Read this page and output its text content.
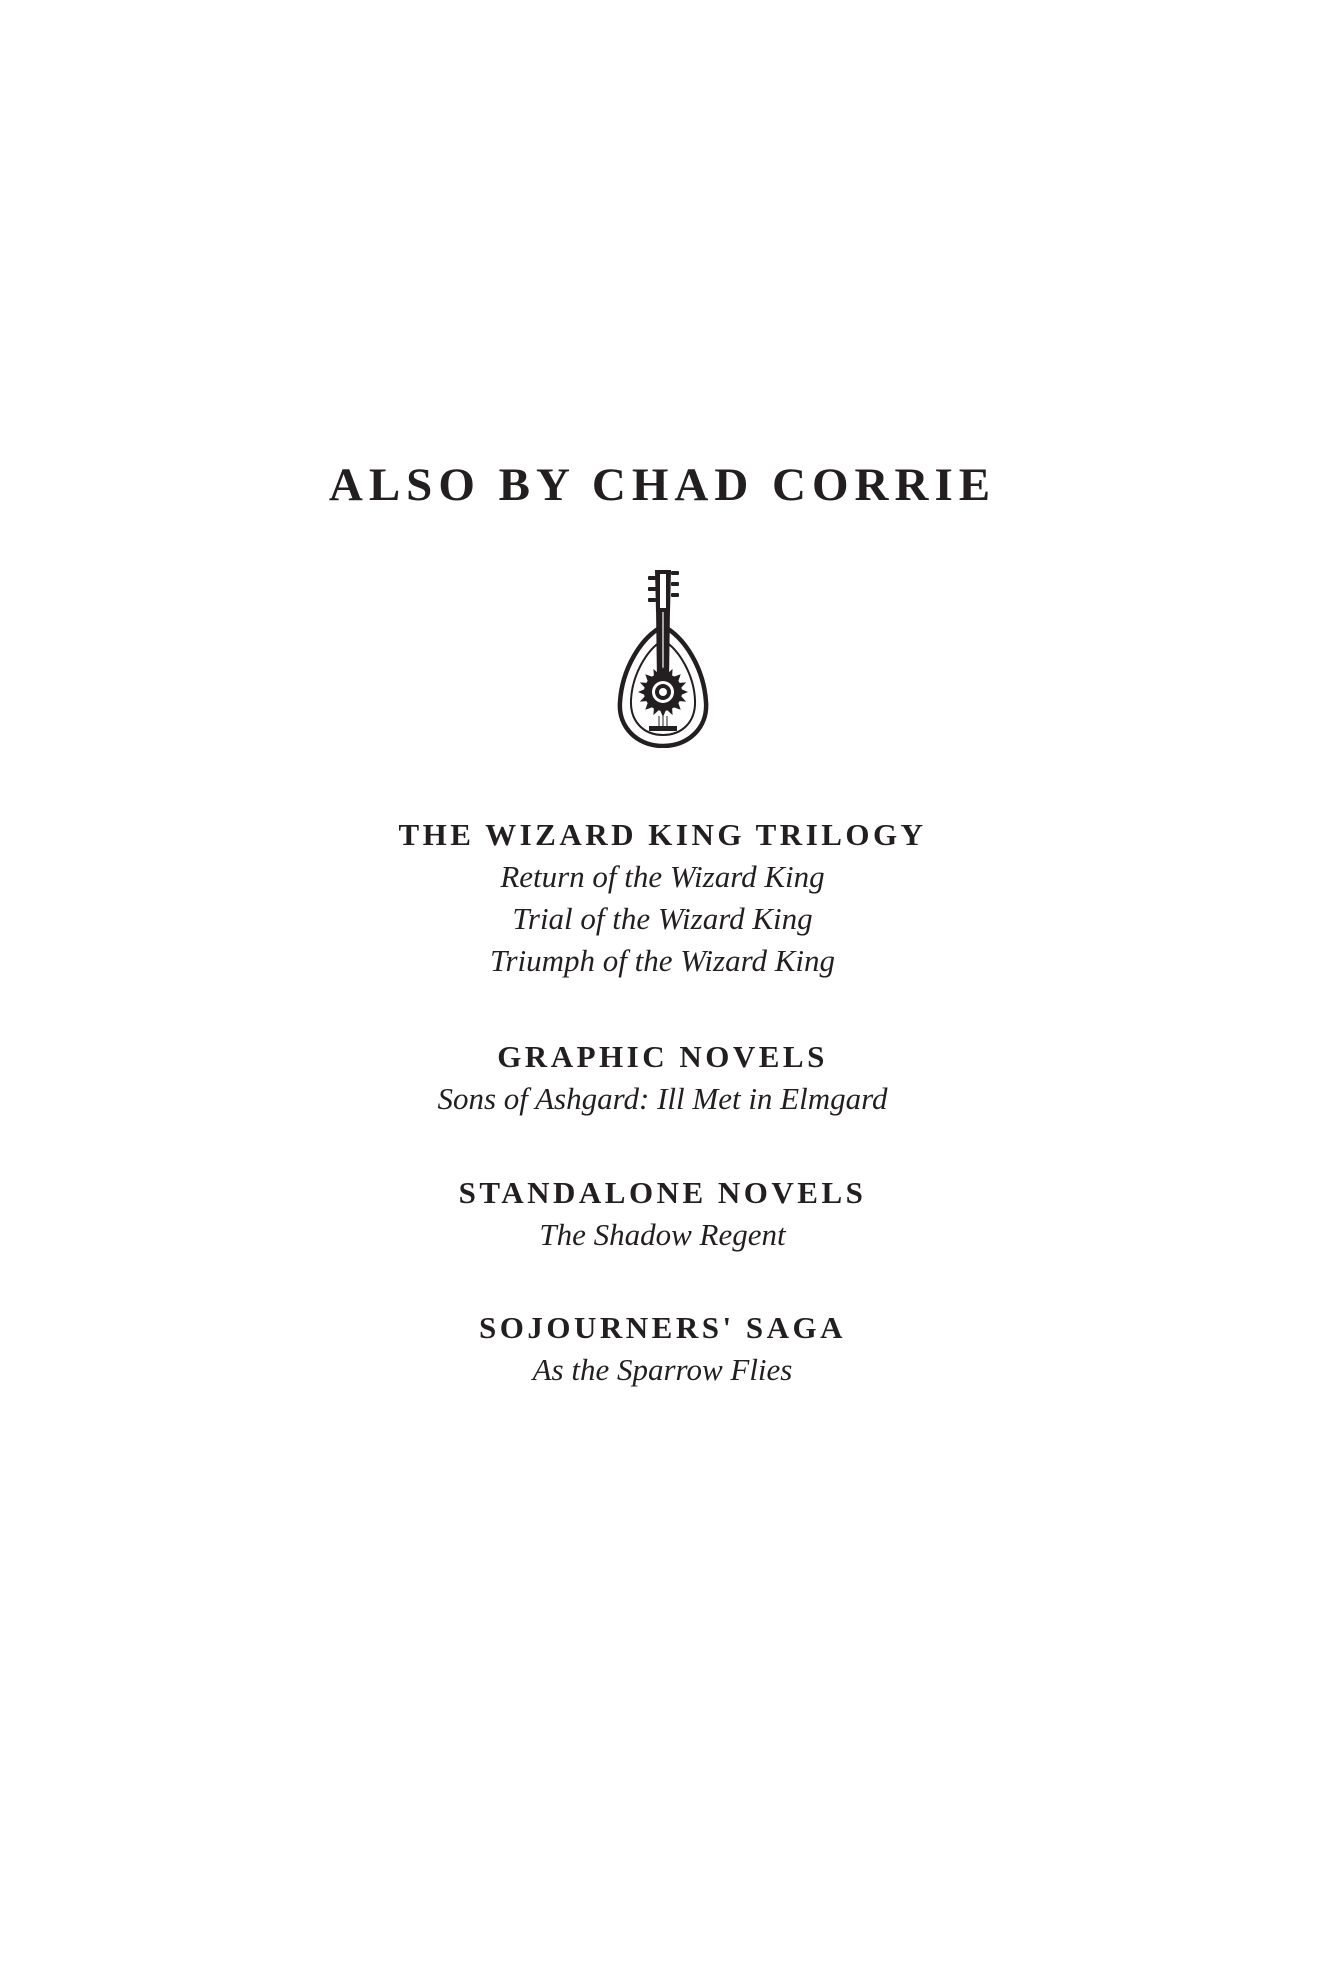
ALSO BY CHAD CORRIE

THE WIZARD KING TRILOGY

Return of the Wizard King

Trial of the Wizard King

Triumph of the Wizard King

GRAPHIC NOVELS

Sons of Ashgard: Ill Met in Elmgard

STANDALONE NOVELS

The Shadow Regent

SOJOURNERS' SAGA

As the Sparrow Flies
